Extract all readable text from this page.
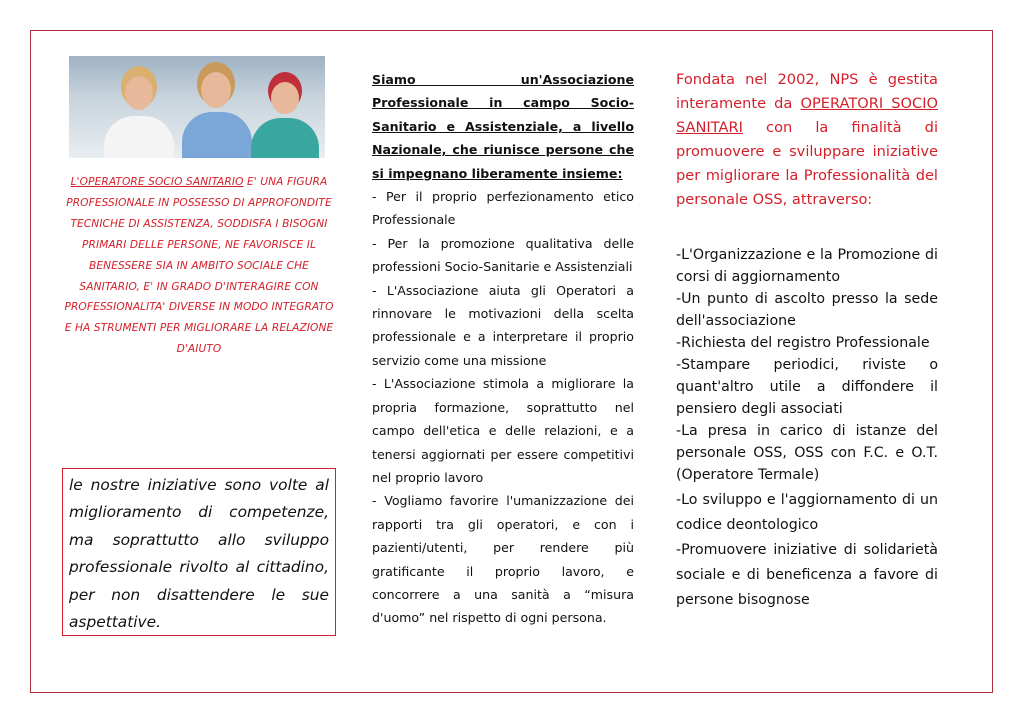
L'OPERATORE SOCIO SANITARIO E' UNA FIGURA PROFESSIONALE IN POSSESSO DI APPROFONDITE TECNICHE DI ASSISTENZA, SODDISFA I BISOGNI PRIMARI DELLE PERSONE, NE FAVORISCE IL BENESSERE SIA IN AMBITO SOCIALE CHE SANITARIO, E' IN GRADO D'INTERAGIRE CON PROFESSIONALITA' DIVERSE IN MODO INTEGRATO E HA STRUMENTI PER MIGLIORARE LA RELAZIONE D'AIUTO
le nostre iniziative sono volte al miglioramento di competenze, ma soprattutto allo sviluppo professionale rivolto al cittadino, per non disattendere le sue aspettative.

Siamo un'Associazione Professionale in campo Socio-Sanitario e Assistenziale, a livello Nazionale, che riunisce persone che si impegnano liberamente insieme:

- Per il proprio perfezionamento etico Professionale

- Per la promozione qualitativa delle professioni Socio-Sanitarie e Assistenziali

- L'Associazione aiuta gli Operatori a rinnovare le motivazioni della scelta professionale e a interpretare il proprio servizio come una missione

- L'Associazione stimola a migliorare la propria formazione, soprattutto nel campo dell'etica e delle relazioni, e a tenersi aggiornati per essere competitivi nel proprio lavoro

- Vogliamo favorire l'umanizzazione dei rapporti tra gli operatori, e con i pazienti/utenti, per rendere più gratificante il proprio lavoro, e concorrere a una sanità a “misura d'uomo” nel rispetto di ogni persona.

Fondata nel 2002, NPS è gestita interamente da OPERATORI SOCIO SANITARI con la finalità di promuovere e sviluppare iniziative per migliorare la Professionalità del personale OSS, attraverso:

-L'Organizzazione e la Promozione di corsi di aggiornamento
-Un punto di ascolto presso la sede dell'associazione
-Richiesta del registro Professionale
-Stampare periodici, riviste o quant'altro utile a diffondere il pensiero degli associati
-La presa in carico di istanze del personale OSS, OSS con F.C. e O.T. (Operatore Termale)
-Lo sviluppo e l'aggiornamento di un codice deontologico
-Promuovere iniziative di solidarietà sociale e di beneficenza a favore di persone bisognose
